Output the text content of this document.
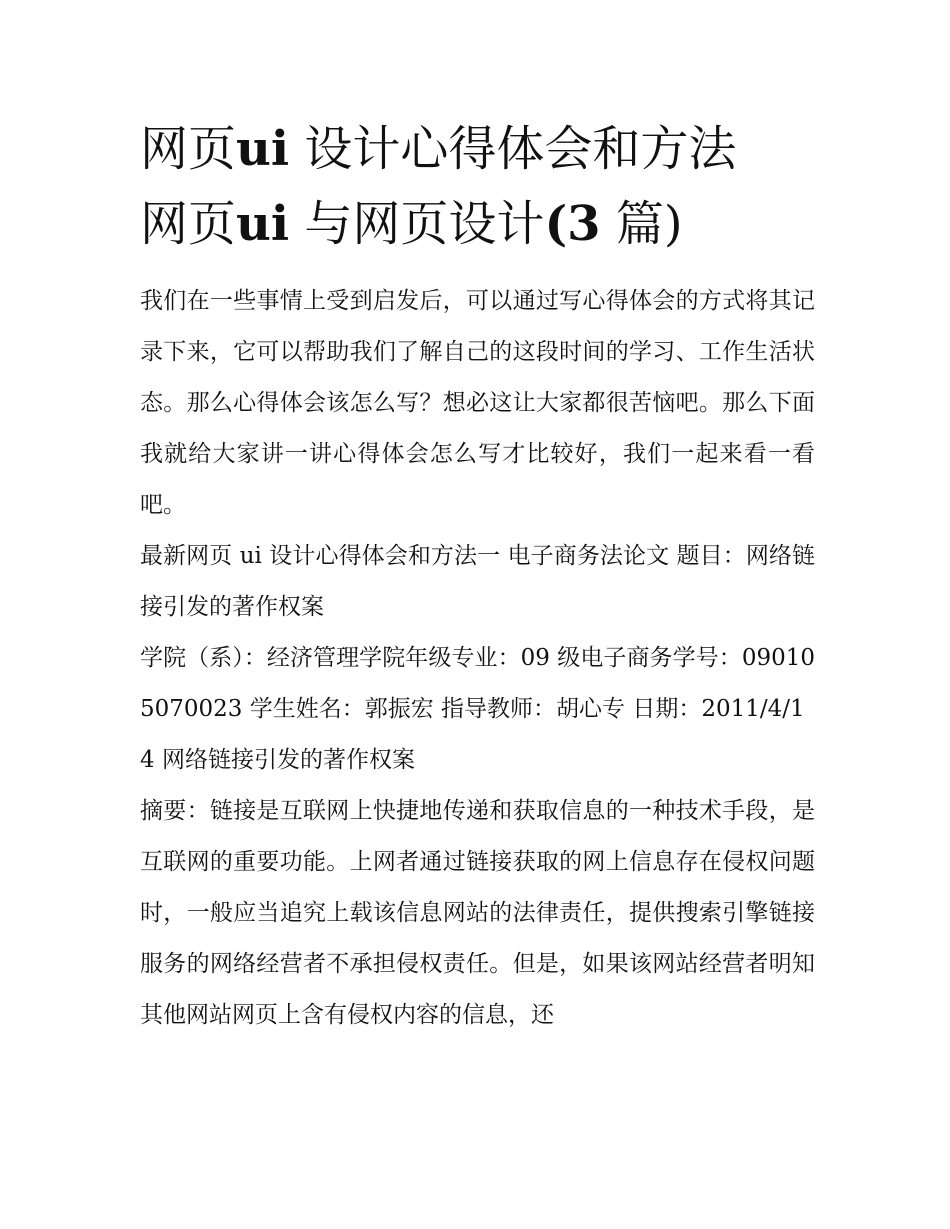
网页ui 设计心得体会和方法
网页ui 与网页设计(3 篇)

我们在一些事情上受到启发后，可以通过写心得体会的方式将其记录下来，它可以帮助我们了解自己的这段时间的学习、工作生活状态。那么心得体会该怎么写？想必这让大家都很苦恼吧。那么下面我就给大家讲一讲心得体会怎么写才比较好，我们一起来看一看吧。

最新网页 ui 设计心得体会和方法一 电子商务法论文 题目：网络链接引发的著作权案

学院（系）：经济管理学院年级专业：09 级电子商务学号：090105070023 学生姓名：郭振宏 指导教师：胡心专 日期：2011/4/1

4 网络链接引发的著作权案

摘要：链接是互联网上快捷地传递和获取信息的一种技术手段，是互联网的重要功能。上网者通过链接获取的网上信息存在侵权问题时，一般应当追究上载该信息网站的法律责任，提供搜索引擎链接服务的网络经营者不承担侵权责任。但是，如果该网站经营者明知其他网站网页上含有侵权内容的信息，还
